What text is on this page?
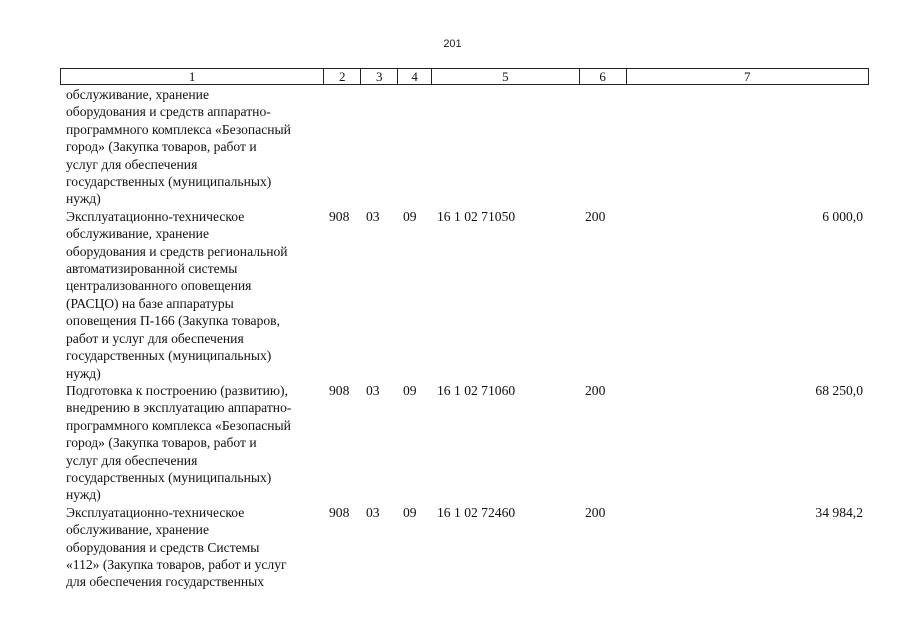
201
1	2	3	4	5	6	7
обслуживание, хранение
оборудования и средств аппаратно-
программного комплекса «Безопасный
город» (Закупка товаров, работ и
услуг для обеспечения
государственных (муниципальных)
нужд)
Эксплуатационно-техническое
обслуживание, хранение
оборудования и средств региональной
автоматизированной системы
централизованного оповещения
(РАСЦО) на базе аппаратуры
оповещения П-166 (Закупка товаров,
работ и услуг для обеспечения
государственных (муниципальных)
нужд)
908	03	09	16 1 02 71050	200	6 000,0
Подготовка к построению (развитию),
внедрению в эксплуатацию аппаратно-
программного комплекса «Безопасный
город» (Закупка товаров, работ и
услуг для обеспечения
государственных (муниципальных)
нужд)
908	03	09	16 1 02 71060	200	68 250,0
Эксплуатационно-техническое
обслуживание, хранение
оборудования и средств Системы
«112» (Закупка товаров, работ и услуг
для обеспечения государственных
908	03	09	16 1 02 72460	200	34 984,2
